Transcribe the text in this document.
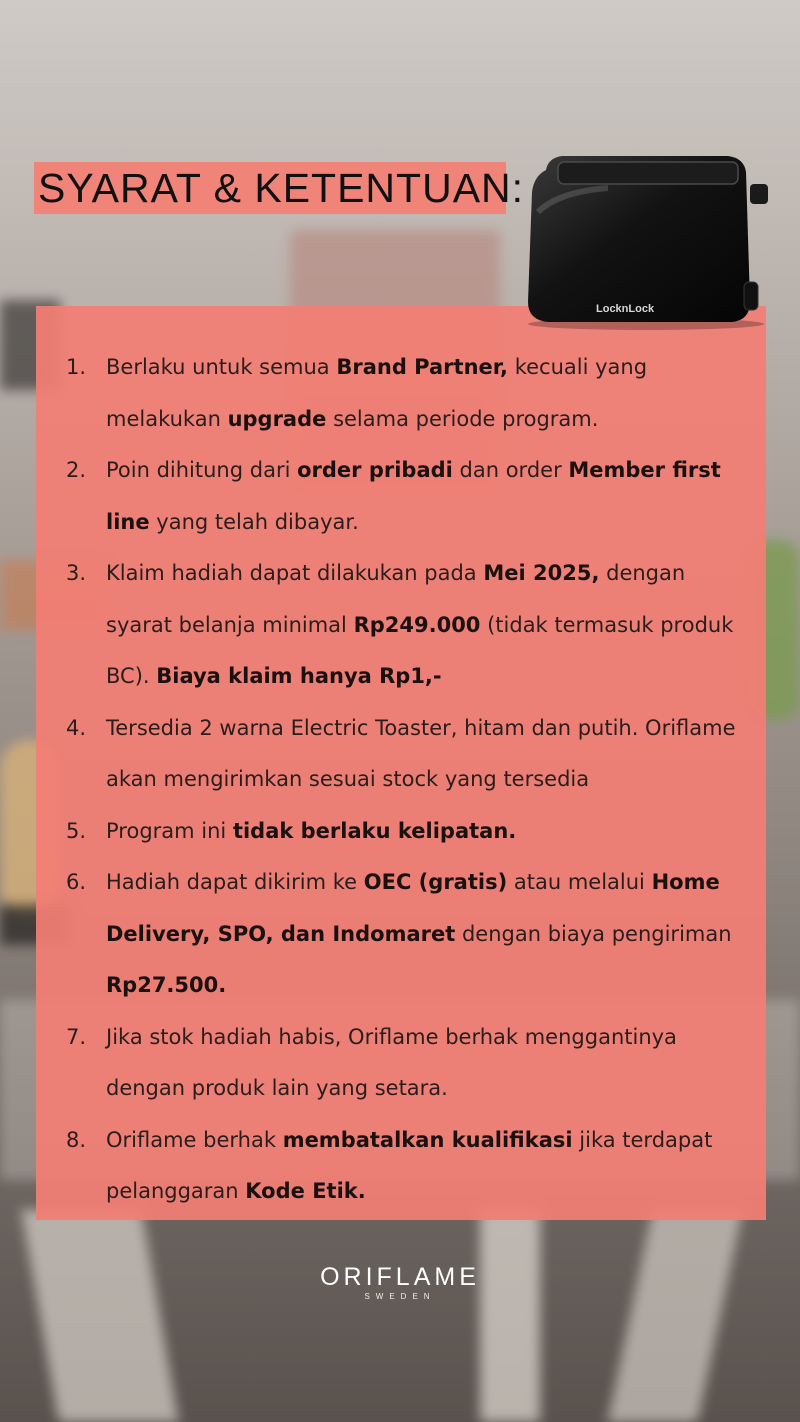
SYARAT & KETENTUAN:
LocknLock
1. Berlaku untuk semua Brand Partner, kecuali yang melakukan upgrade selama periode program.
2. Poin dihitung dari order pribadi dan order Member first line yang telah dibayar.
3. Klaim hadiah dapat dilakukan pada Mei 2025, dengan syarat belanja minimal Rp249.000 (tidak termasuk produk BC). Biaya klaim hanya Rp1,-
4. Tersedia 2 warna Electric Toaster, hitam dan putih. Oriflame akan mengirimkan sesuai stock yang tersedia
5. Program ini tidak berlaku kelipatan.
6. Hadiah dapat dikirim ke OEC (gratis) atau melalui Home Delivery, SPO, dan Indomaret dengan biaya pengiriman Rp27.500.
7. Jika stok hadiah habis, Oriflame berhak menggantinya dengan produk lain yang setara.
8. Oriflame berhak membatalkan kualifikasi jika terdapat pelanggaran Kode Etik.
ORIFLAME
SWEDEN
